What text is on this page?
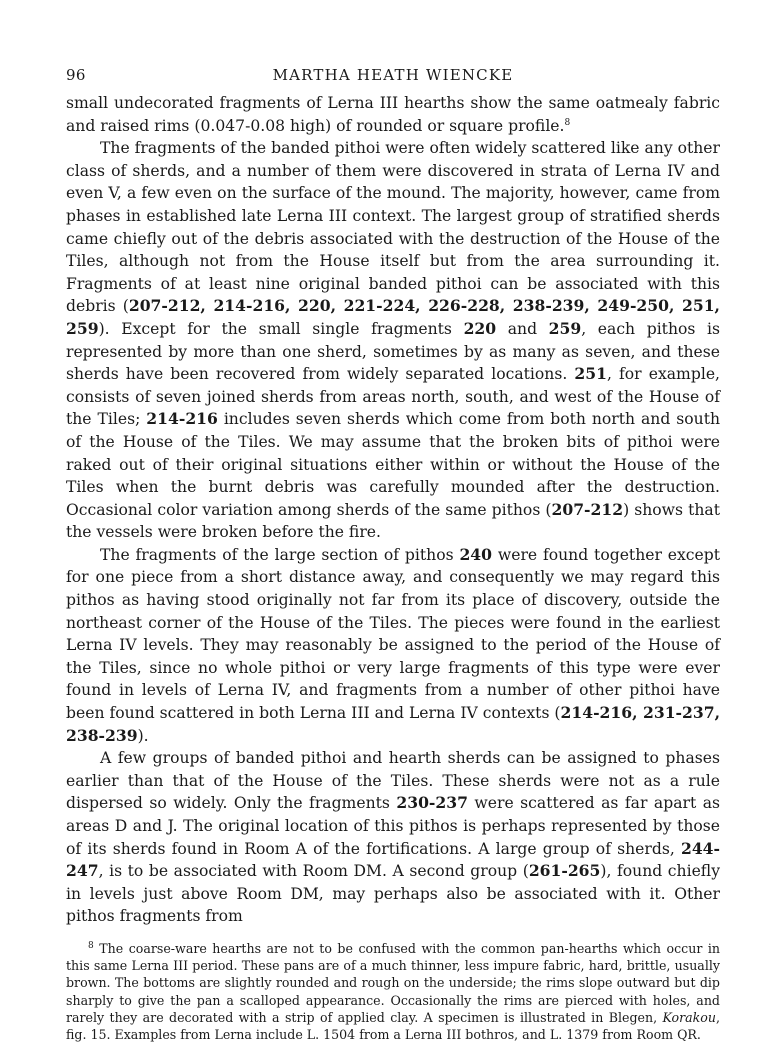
96	MARTHA HEATH WIENCKE

small undecorated fragments of Lerna III hearths show the same oatmealy fabric and raised rims (0.047-0.08 high) of rounded or square profile.$^8$

The fragments of the banded pithoi were often widely scattered like any other class of sherds, and a number of them were discovered in strata of Lerna IV and even V, a few even on the surface of the mound. The majority, however, came from phases in established late Lerna III context. The largest group of stratified sherds came chiefly out of the debris associated with the destruction of the House of the Tiles, although not from the House itself but from the area surrounding it. Fragments of at least nine original banded pithoi can be associated with this debris (207-212, 214-216, 220, 221-224, 226-228, 238-239, 249-250, 251, 259). Except for the small single fragments 220 and 259, each pithos is represented by more than one sherd, sometimes by as many as seven, and these sherds have been recovered from widely separated locations. 251, for example, consists of seven joined sherds from areas north, south, and west of the House of the Tiles; 214-216 includes seven sherds which come from both north and south of the House of the Tiles. We may assume that the broken bits of pithoi were raked out of their original situations either within or without the House of the Tiles when the burnt debris was carefully mounded after the destruction. Occasional color variation among sherds of the same pithos (207-212) shows that the vessels were broken before the fire.

The fragments of the large section of pithos 240 were found together except for one piece from a short distance away, and consequently we may regard this pithos as having stood originally not far from its place of discovery, outside the northeast corner of the House of the Tiles. The pieces were found in the earliest Lerna IV levels. They may reasonably be assigned to the period of the House of the Tiles, since no whole pithoi or very large fragments of this type were ever found in levels of Lerna IV, and fragments from a number of other pithoi have been found scattered in both Lerna III and Lerna IV contexts (214-216, 231-237, 238-239).

A few groups of banded pithoi and hearth sherds can be assigned to phases earlier than that of the House of the Tiles. These sherds were not as a rule dispersed so widely. Only the fragments 230-237 were scattered as far apart as areas D and J. The original location of this pithos is perhaps represented by those of its sherds found in Room A of the fortifications. A large group of sherds, 244-247, is to be associated with Room DM. A second group (261-265), found chiefly in levels just above Room DM, may perhaps also be associated with it. Other pithos fragments from

$^8$ The coarse-ware hearths are not to be confused with the common pan-hearths which occur in this same Lerna III period. These pans are of a much thinner, less impure fabric, hard, brittle, usually brown. The bottoms are slightly rounded and rough on the underside; the rims slope outward but dip sharply to give the pan a scalloped appearance. Occasionally the rims are pierced with holes, and rarely they are decorated with a strip of applied clay. A specimen is illustrated in Blegen, Korakou, fig. 15. Examples from Lerna include L. 1504 from a Lerna III bothros, and L. 1379 from Room QR.
